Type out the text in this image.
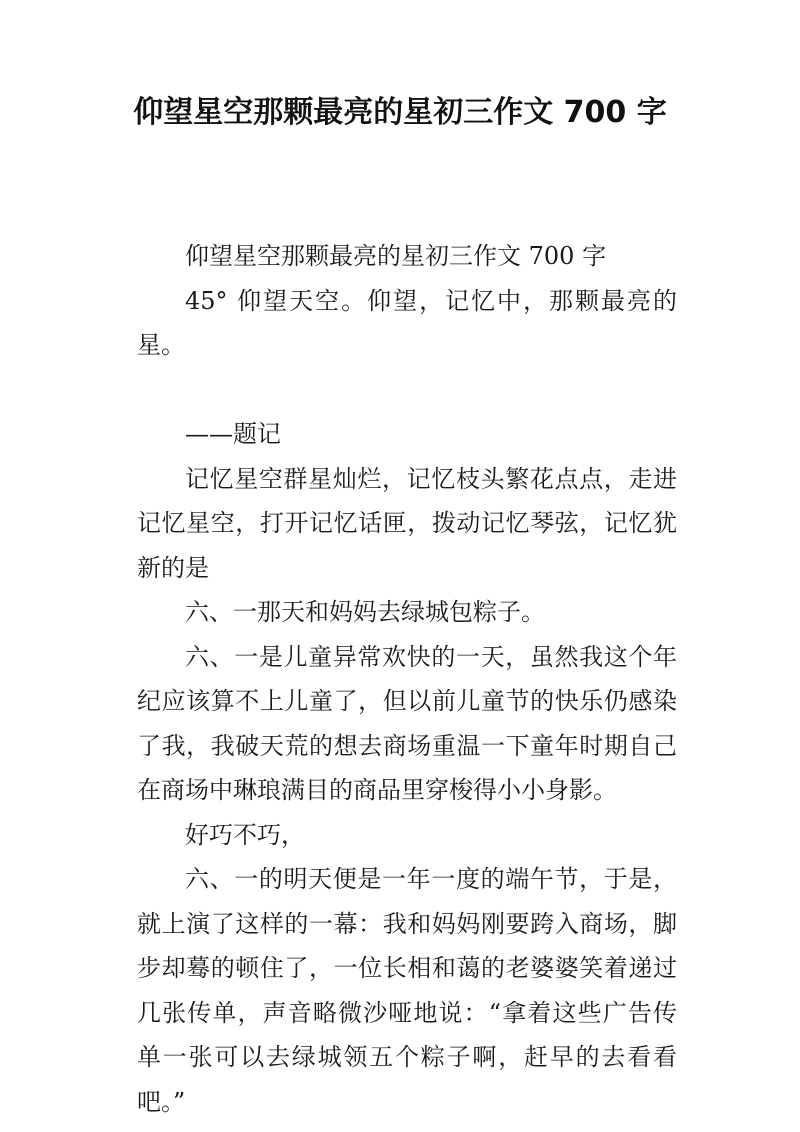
仰望星空那颗最亮的星初三作文 700 字

仰望星空那颗最亮的星初三作文 700 字

45° 仰望天空。仰望，记忆中，那颗最亮的星。

——题记

记忆星空群星灿烂，记忆枝头繁花点点，走进记忆星空，打开记忆话匣，拨动记忆琴弦，记忆犹新的是

六、一那天和妈妈去绿城包粽子。

六、一是儿童异常欢快的一天，虽然我这个年纪应该算不上儿童了，但以前儿童节的快乐仍感染了我，我破天荒的想去商场重温一下童年时期自己在商场中琳琅满目的商品里穿梭得小小身影。

好巧不巧，

六、一的明天便是一年一度的端午节，于是，就上演了这样的一幕：我和妈妈刚要跨入商场，脚步却蓦的顿住了，一位长相和蔼的老婆婆笑着递过几张传单，声音略微沙哑地说：“拿着这些广告传单一张可以去绿城领五个粽子啊，赶早的去看看吧。”
